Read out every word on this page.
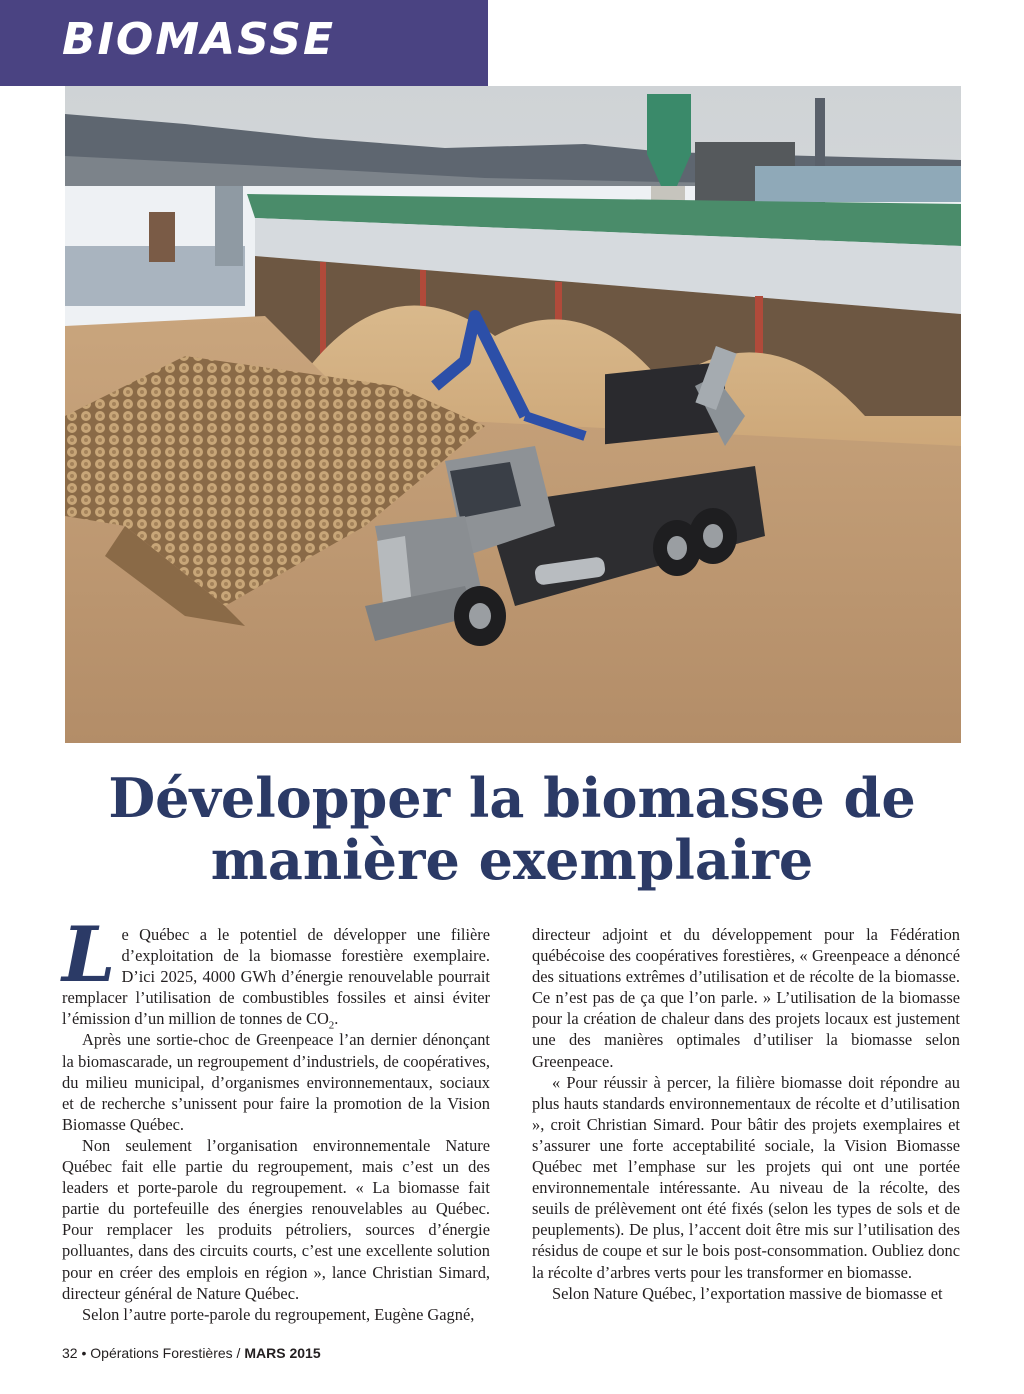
BIOMASSE
Développer la biomasse de
manière exemplaire

Le Québec a le potentiel de développer une filière d’exploitation de la biomasse forestière exemplaire. D’ici 2025, 4000 GWh d’énergie renouvelable pourrait remplacer l’utilisation de combustibles fossiles et ainsi éviter l’émission d’un million de tonnes de $CO_2$.

Après une sortie-choc de Greenpeace l’an dernier dénonçant la biomascarade, un regroupement d’industriels, de coopératives, du milieu municipal, d’organismes environnementaux, sociaux et de recherche s’unissent pour faire la promotion de la Vision Biomasse Québec.

Non seulement l’organisation environnementale Nature Québec fait elle partie du regroupement, mais c’est un des leaders et porte-parole du regroupement. « La biomasse fait partie du portefeuille des énergies renouvelables au Québec. Pour remplacer les produits pétroliers, sources d’énergie polluantes, dans des circuits courts, c’est une excellente solution pour en créer des emplois en région », lance Christian Simard, directeur général de Nature Québec.

Selon l’autre porte-parole du regroupement, Eugène Gagné,

directeur adjoint et du développement pour la Fédération québécoise des coopératives forestières, « Greenpeace a dénoncé des situations extrêmes d’utilisation et de récolte de la biomasse. Ce n’est pas de ça que l’on parle. » L’utilisation de la biomasse pour la création de chaleur dans des projets locaux est justement une des manières optimales d’utiliser la biomasse selon Greenpeace.

« Pour réussir à percer, la filière biomasse doit répondre au plus hauts standards environnementaux de récolte et d’utilisation », croit Christian Simard. Pour bâtir des projets exemplaires et s’assurer une forte acceptabilité sociale, la Vision Biomasse Québec met l’emphase sur les projets qui ont une portée environnementale intéressante. Au niveau de la récolte, des seuils de prélèvement ont été fixés (selon les types de sols et de peuplements). De plus, l’accent doit être mis sur l’utilisation des résidus de coupe et sur le bois post-consommation. Oubliez donc la récolte d’arbres verts pour les transformer en biomasse.

Selon Nature Québec, l’exportation massive de biomasse et

32 • Opérations Forestières / MARS 2015
